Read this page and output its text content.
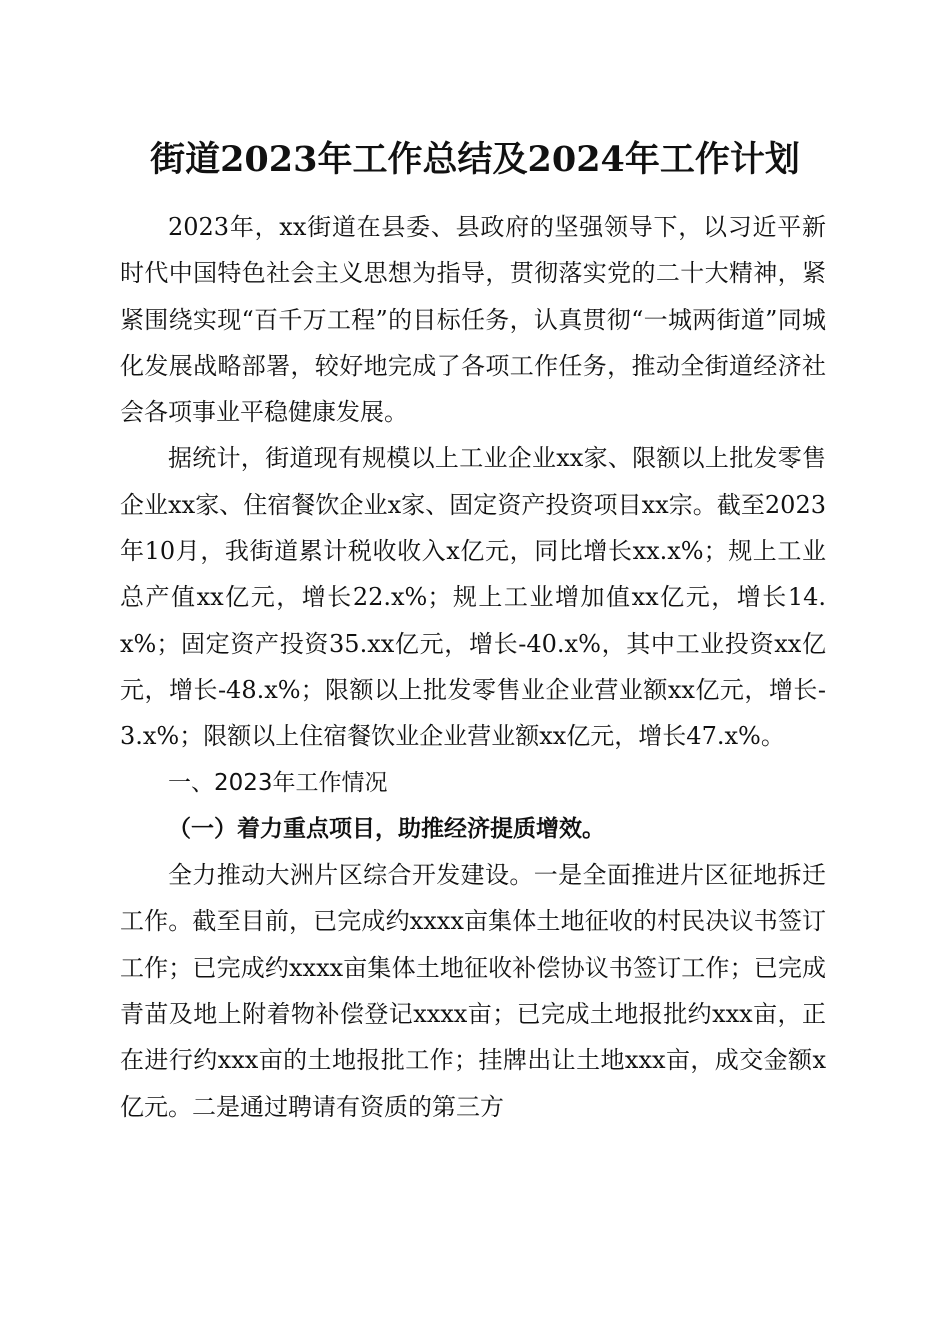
街道2023年工作总结及2024年工作计划

2023年，xx街道在县委、县政府的坚强领导下，以习近平新时代中国特色社会主义思想为指导，贯彻落实党的二十大精神，紧紧围绕实现“百千万工程”的目标任务，认真贯彻“一城两街道”同城化发展战略部署，较好地完成了各项工作任务，推动全街道经济社会各项事业平稳健康发展。

据统计，街道现有规模以上工业企业xx家、限额以上批发零售企业xx家、住宿餐饮企业x家、固定资产投资项目xx宗。截至2023年10月，我街道累计税收收入x亿元，同比增长xx.x%；规上工业总产值xx亿元，增长22.x%；规上工业增加值xx亿元，增长14.x%；固定资产投资35.xx亿元，增长-40.x%，其中工业投资xx亿元，增长-48.x%；限额以上批发零售业企业营业额xx亿元，增长-3.x%；限额以上住宿餐饮业企业营业额xx亿元，增长47.x%。

一、2023年工作情况

（一）着力重点项目，助推经济提质增效。

全力推动大洲片区综合开发建设。一是全面推进片区征地拆迁工作。截至目前，已完成约xxxx亩集体土地征收的村民决议书签订工作；已完成约xxxx亩集体土地征收补偿协议书签订工作；已完成青苗及地上附着物补偿登记xxxx亩；已完成土地报批约xxx亩，正在进行约xxx亩的土地报批工作；挂牌出让土地xxx亩，成交金额x亿元。二是通过聘请有资质的第三方
